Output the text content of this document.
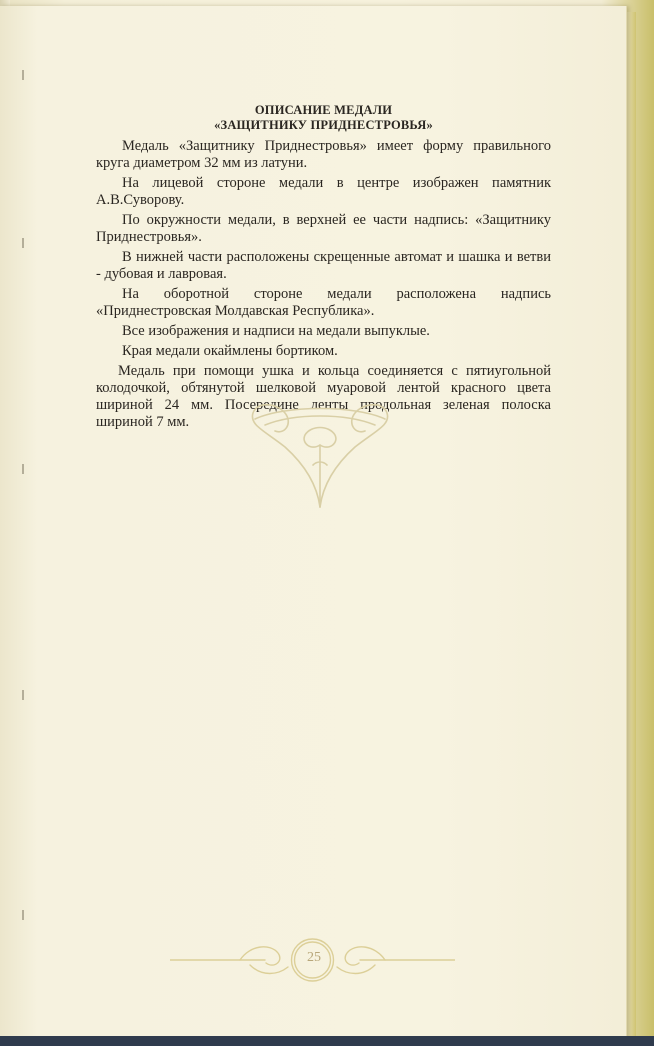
ОПИСАНИЕ МЕДАЛИ
«ЗАЩИТНИКУ ПРИДНЕСТРОВЬЯ»

Медаль «Защитнику Приднестровья» имеет форму правильного круга диаметром 32 мм из латуни.

На лицевой стороне медали в центре изображен памятник А.В.Суворову.

По окружности медали, в верхней ее части надпись: «Защитнику Приднестровья».

В нижней части расположены скрещенные автомат и шашка и ветви - дубовая и лавровая.

На оборотной стороне медали расположена надпись «Приднестровская Молдавская Республика».

Все изображения и надписи на медали выпуклые.

Края медали окаймлены бортиком.

Медаль при помощи ушка и кольца соединяется с пятиугольной колодочкой, обтянутой шелковой муаровой лентой красного цвета шириной 24 мм. Посередине ленты продольная зеленая полоска шириной 7 мм.

25
